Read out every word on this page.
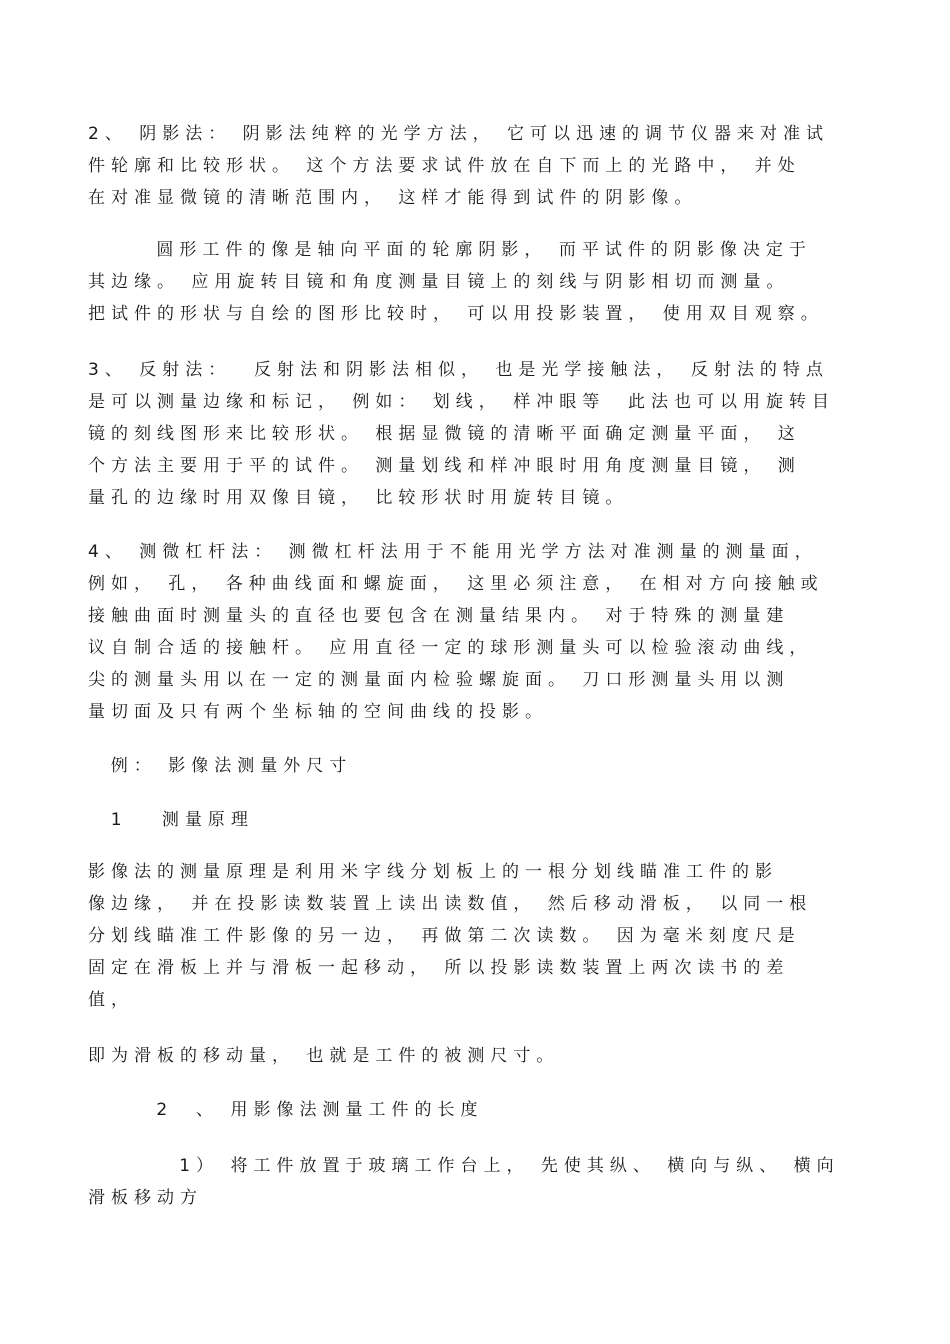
2、 阴影法： 阴影法纯粹的光学方法， 它可以迅速的调节仪器来对准试
件轮廓和比较形状。 这个方法要求试件放在自下而上的光路中， 并处
在对准显微镜的清晰范围内， 这样才能得到试件的阴影像。

圆形工件的像是轴向平面的轮廓阴影， 而平试件的阴影像决定于
其边缘。 应用旋转目镜和角度测量目镜上的刻线与阴影相切而测量。
把试件的形状与自绘的图形比较时， 可以用投影装置， 使用双目观察。

3、 反射法：  反射法和阴影法相似， 也是光学接触法， 反射法的特点
是可以测量边缘和标记， 例如： 划线， 样冲眼等  此法也可以用旋转目
镜的刻线图形来比较形状。 根据显微镜的清晰平面确定测量平面， 这
个方法主要用于平的试件。 测量划线和样冲眼时用角度测量目镜， 测
量孔的边缘时用双像目镜， 比较形状时用旋转目镜。

4、 测微杠杆法： 测微杠杆法用于不能用光学方法对准测量的测量面，
例如， 孔， 各种曲线面和螺旋面， 这里必须注意， 在相对方向接触或
接触曲面时测量头的直径也要包含在测量结果内。 对于特殊的测量建
议自制合适的接触杆。 应用直径一定的球形测量头可以检验滚动曲线，
尖的测量头用以在一定的测量面内检验螺旋面。 刀口形测量头用以测
量切面及只有两个坐标轴的空间曲线的投影。

例： 影像法测量外尺寸

1   测量原理

影像法的测量原理是利用米字线分划板上的一根分划线瞄准工件的影
像边缘， 并在投影读数装置上读出读数值， 然后移动滑板， 以同一根
分划线瞄准工件影像的另一边， 再做第二次读数。 因为毫米刻度尺是
固定在滑板上并与滑板一起移动， 所以投影读数装置上两次读书的差
值，

即为滑板的移动量， 也就是工件的被测尺寸。

2  、 用影像法测量工件的长度

1） 将工件放置于玻璃工作台上， 先使其纵、 横向与纵、 横向
滑板移动方
